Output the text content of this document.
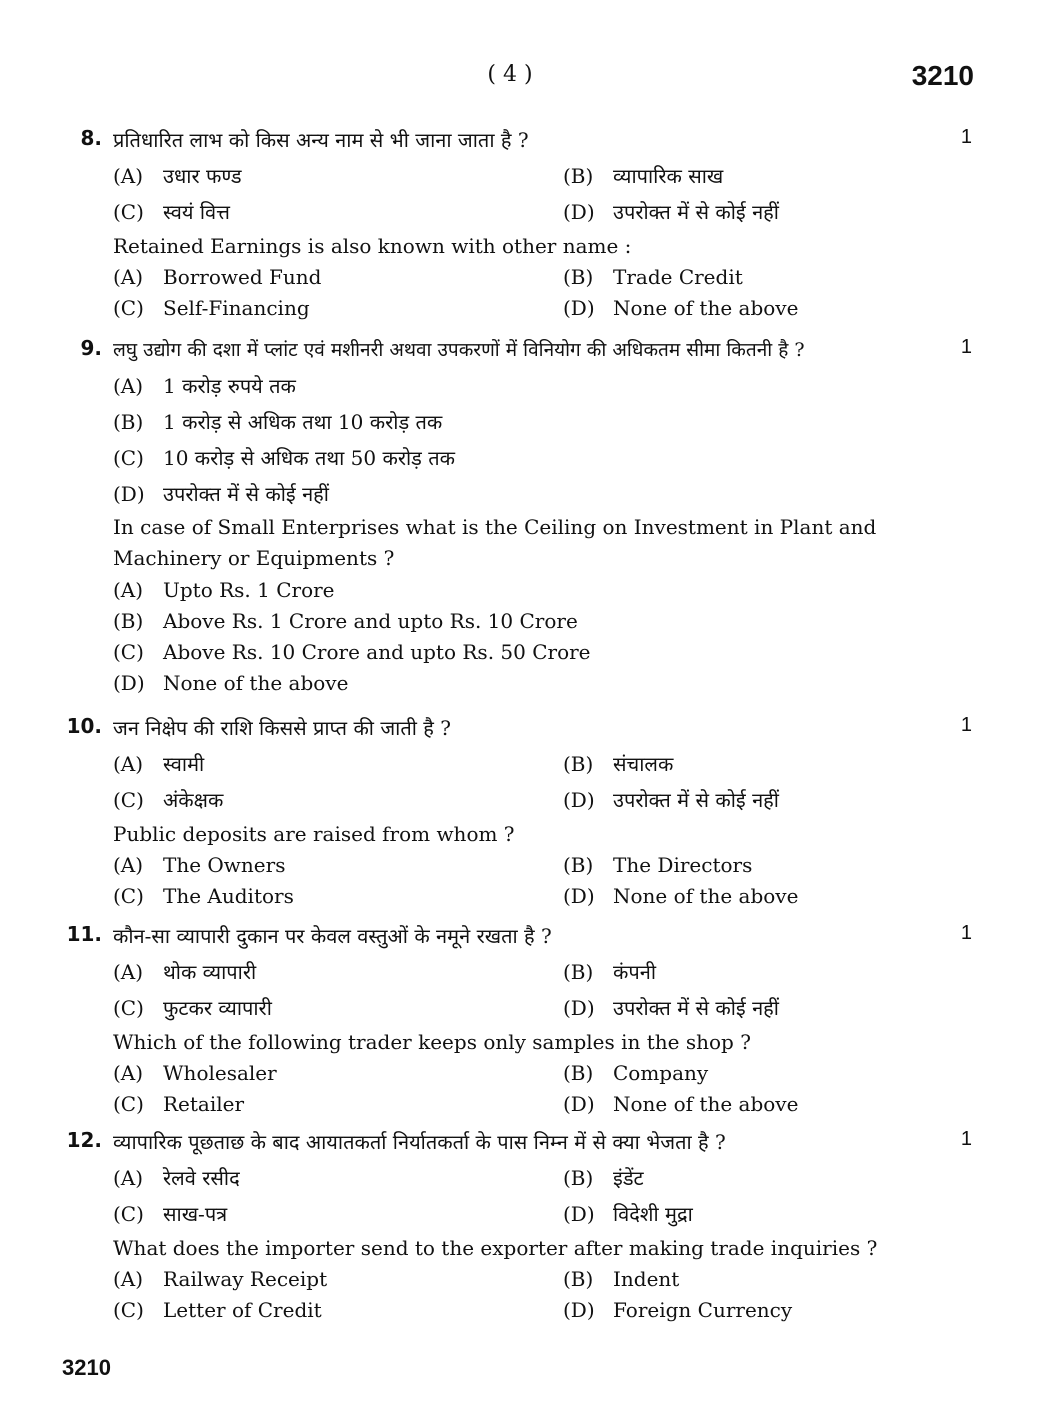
( 4 )	3210
8. प्रतिधारित लाभ को किस अन्य नाम से भी जाना जाता है ?	1
(A) उधार फण्ड	(B) व्यापारिक साख
(C) स्वयं वित्त	(D) उपरोक्त में से कोई नहीं
Retained Earnings is also known with other name :
(A) Borrowed Fund	(B) Trade Credit
(C) Self-Financing	(D) None of the above
9. लघु उद्योग की दशा में प्लांट एवं मशीनरी अथवा उपकरणों में विनियोग की अधिकतम सीमा कितनी है ?	1
(A) 1 करोड़ रुपये तक
(B) 1 करोड़ से अधिक तथा 10 करोड़ तक
(C) 10 करोड़ से अधिक तथा 50 करोड़ तक
(D) उपरोक्त में से कोई नहीं
In case of Small Enterprises what is the Ceiling on Investment in Plant and Machinery or Equipments ?
(A) Upto Rs. 1 Crore
(B) Above Rs. 1 Crore and upto Rs. 10 Crore
(C) Above Rs. 10 Crore and upto Rs. 50 Crore
(D) None of the above
10. जन निक्षेप की राशि किससे प्राप्त की जाती है ?	1
(A) स्वामी	(B) संचालक
(C) अंकेक्षक	(D) उपरोक्त में से कोई नहीं
Public deposits are raised from whom ?
(A) The Owners	(B) The Directors
(C) The Auditors	(D) None of the above
11. कौन-सा व्यापारी दुकान पर केवल वस्तुओं के नमूने रखता है ?	1
(A) थोक व्यापारी	(B) कंपनी
(C) फुटकर व्यापारी	(D) उपरोक्त में से कोई नहीं
Which of the following trader keeps only samples in the shop ?
(A) Wholesaler	(B) Company
(C) Retailer	(D) None of the above
12. व्यापारिक पूछताछ के बाद आयातकर्ता निर्यातकर्ता के पास निम्न में से क्या भेजता है ?	1
(A) रेलवे रसीद	(B) इंडेंट
(C) साख-पत्र	(D) विदेशी मुद्रा
What does the importer send to the exporter after making trade inquiries ?
(A) Railway Receipt	(B) Indent
(C) Letter of Credit	(D) Foreign Currency
3210
